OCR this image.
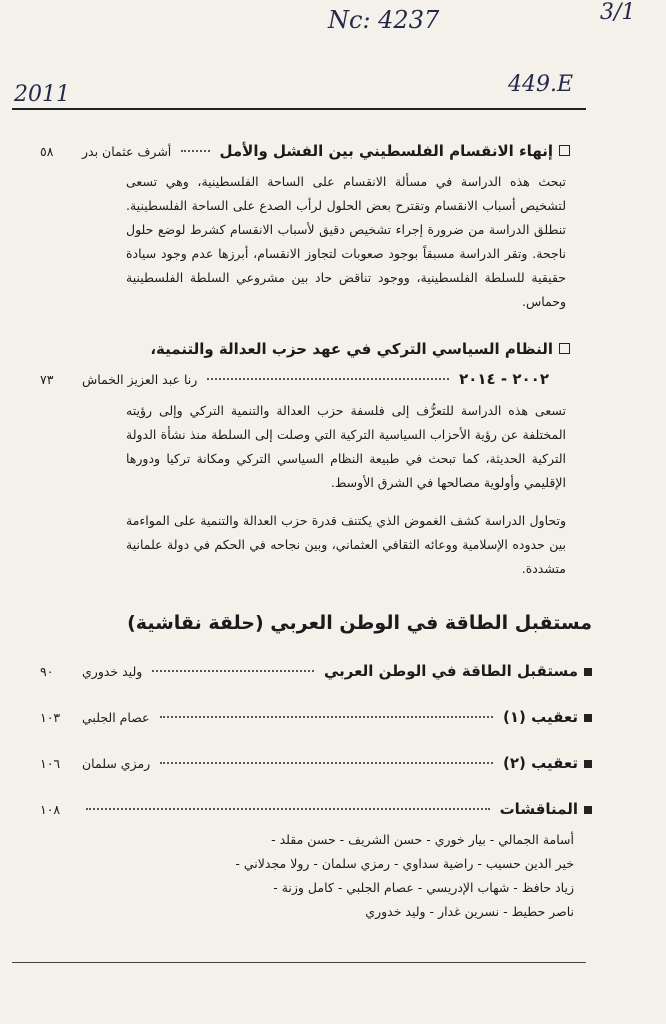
Nc: 4237	3/1
2011	449.E
إنهاء الانقسام الفلسطيني بين الفشل والأمل
أشرف عثمان بدر
٥٨
تبحث هذه الدراسة في مسألة الانقسام على الساحة الفلسطينية، وهي تسعى لتشخيص أسباب الانقسام وتقترح بعض الحلول لرأب الصدع على الساحة الفلسطينية. تنطلق الدراسة من ضرورة إجراء تشخيص دقيق لأسباب الانقسام كشرط لوضع حلول ناجحة. وتقر الدراسة مسبقاً بوجود صعوبات لتجاوز الانقسام، أبرزها عدم وجود سيادة حقيقية للسلطة الفلسطينية، ووجود تناقض حاد بين مشروعي السلطة الفلسطينية وحماس.
النظام السياسي التركي في عهد حزب العدالة والتنمية،
٢٠٠٢ - ٢٠١٤
رنا عبد العزيز الخماش
٧٣
تسعى هذه الدراسة للتعرُّف إلى فلسفة حزب العدالة والتنمية التركي وإلى رؤيته المختلفة عن رؤية الأحزاب السياسية التركية التي وصلت إلى السلطة منذ نشأة الدولة التركية الحديثة، كما تبحث في طبيعة النظام السياسي التركي ومكانة تركيا ودورها الإقليمي وأولوية مصالحها في الشرق الأوسط.
وتحاول الدراسة كشف الغموض الذي يكتنف قدرة حزب العدالة والتنمية على المواءمة بين حدوده الإسلامية ووعائه الثقافي العثماني، وبين نجاحه في الحكم في دولة علمانية متشددة.
مستقبل الطاقة في الوطن العربي (حلقة نقاشية)
مستقبل الطاقة في الوطن العربي
وليد خدوري
٩٠
تعقيب (١)
عصام الجلبي
١٠٣
تعقيب (٢)
رمزي سلمان
١٠٦
المناقشات
١٠٨
أسامة الجمالي - بيار خوري - حسن الشريف - حسن مقلد -
خير الدين حسيب - راضية سداوي - رمزي سلمان - رولا مجدلاني -
زياد حافظ - شهاب الإدريسي - عصام الجلبي - كامل وزنة -
ناصر حطيط - نسرين غدار - وليد خدوري
